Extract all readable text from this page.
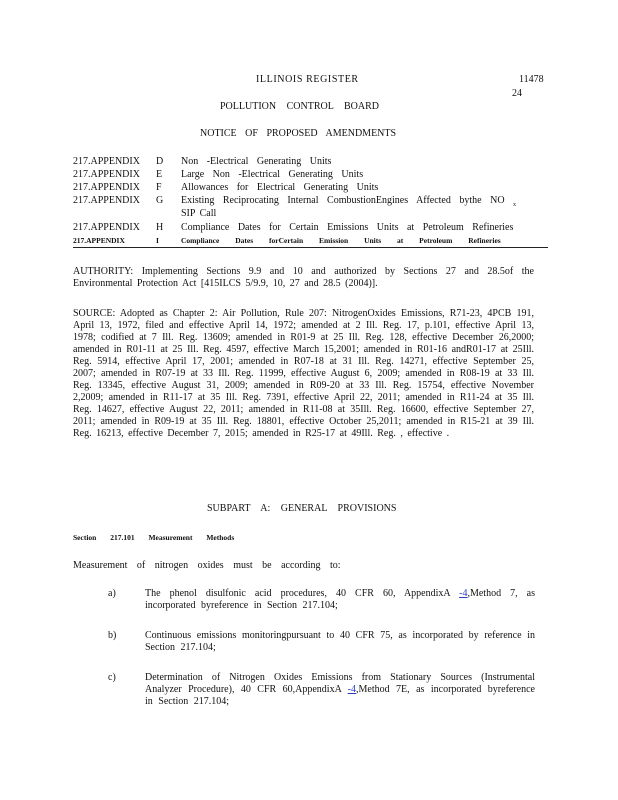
ILLINOIS REGISTER	11478
24
POLLUTION CONTROL BOARD
NOTICE OF PROPOSED AMENDMENTS
217.APPENDIX D Non -Electrical Generating Units
217.APPENDIX E Large Non -Electrical Generating Units
217.APPENDIX F Allowances for Electrical Generating Units
217.APPENDIX G Existing Reciprocating Internal CombustionEngines Affected bythe NO $_x$
SIP Call
217.APPENDIX H Compliance Dates for Certain Emissions Units at Petroleum Refineries
217.APPENDIX	I	Compliance Dates forCertain Emission Units at Petroleum Refineries
AUTHORITY: Implementing Sections 9.9 and 10 and authorized by Sections 27 and 28.5of the Environmental Protection Act [415ILCS 5/9.9, 10, 27 and 28.5 (2004)].
SOURCE: Adopted as Chapter 2: Air Pollution, Rule 207: NitrogenOxides Emissions, R71-23, 4PCB 191, April 13, 1972, filed and effective April 14, 1972; amended at 2 Ill. Reg. 17, p.101, effective April 13, 1978; codified at 7 Ill. Reg. 13609; amended in R01-9 at 25 Ill. Reg. 128, effective December 26,2000; amended in R01-11 at 25 Ill. Reg. 4597, effective March 15,2001; amended in R01-16 andR01-17 at 25Ill. Reg. 5914, effective April 17, 2001; amended in R07-18 at 31 Ill. Reg. 14271, effective September 25, 2007; amended in R07-19 at 33 Ill. Reg. 11999, effective August 6, 2009; amended in R08-19 at 33 Ill. Reg. 13345, effective August 31, 2009; amended in R09-20 at 33 Ill. Reg. 15754, effective November 2,2009; amended in R11-17 at 35 Ill. Reg. 7391, effective April 22, 2011; amended in R11-24 at 35 Ill. Reg. 14627, effective August 22, 2011; amended in R11-08 at 35Ill. Reg. 16600, effective September 27, 2011; amended in R09-19 at 35 Ill. Reg. 18801, effective October 25,2011; amended in R15-21 at 39 Ill. Reg. 16213, effective December 7, 2015; amended in R25-17 at 49Ill. Reg. , effective .
SUBPART A: GENERAL PROVISIONS
Section 217.101 Measurement Methods
Measurement of nitrogen oxides must be according to:
a)	The phenol disulfonic acid procedures, 40 CFR 60, AppendixA -4,Method 7, as incorporated byreference in Section 217.104;
b)	Continuous emissions monitoringpursuant to 40 CFR 75, as incorporated by reference in Section 217.104;
c)	Determination of Nitrogen Oxides Emissions from Stationary Sources (Instrumental Analyzer Procedure), 40 CFR 60,AppendixA -4,Method 7E, as incorporated byreference in Section 217.104;
